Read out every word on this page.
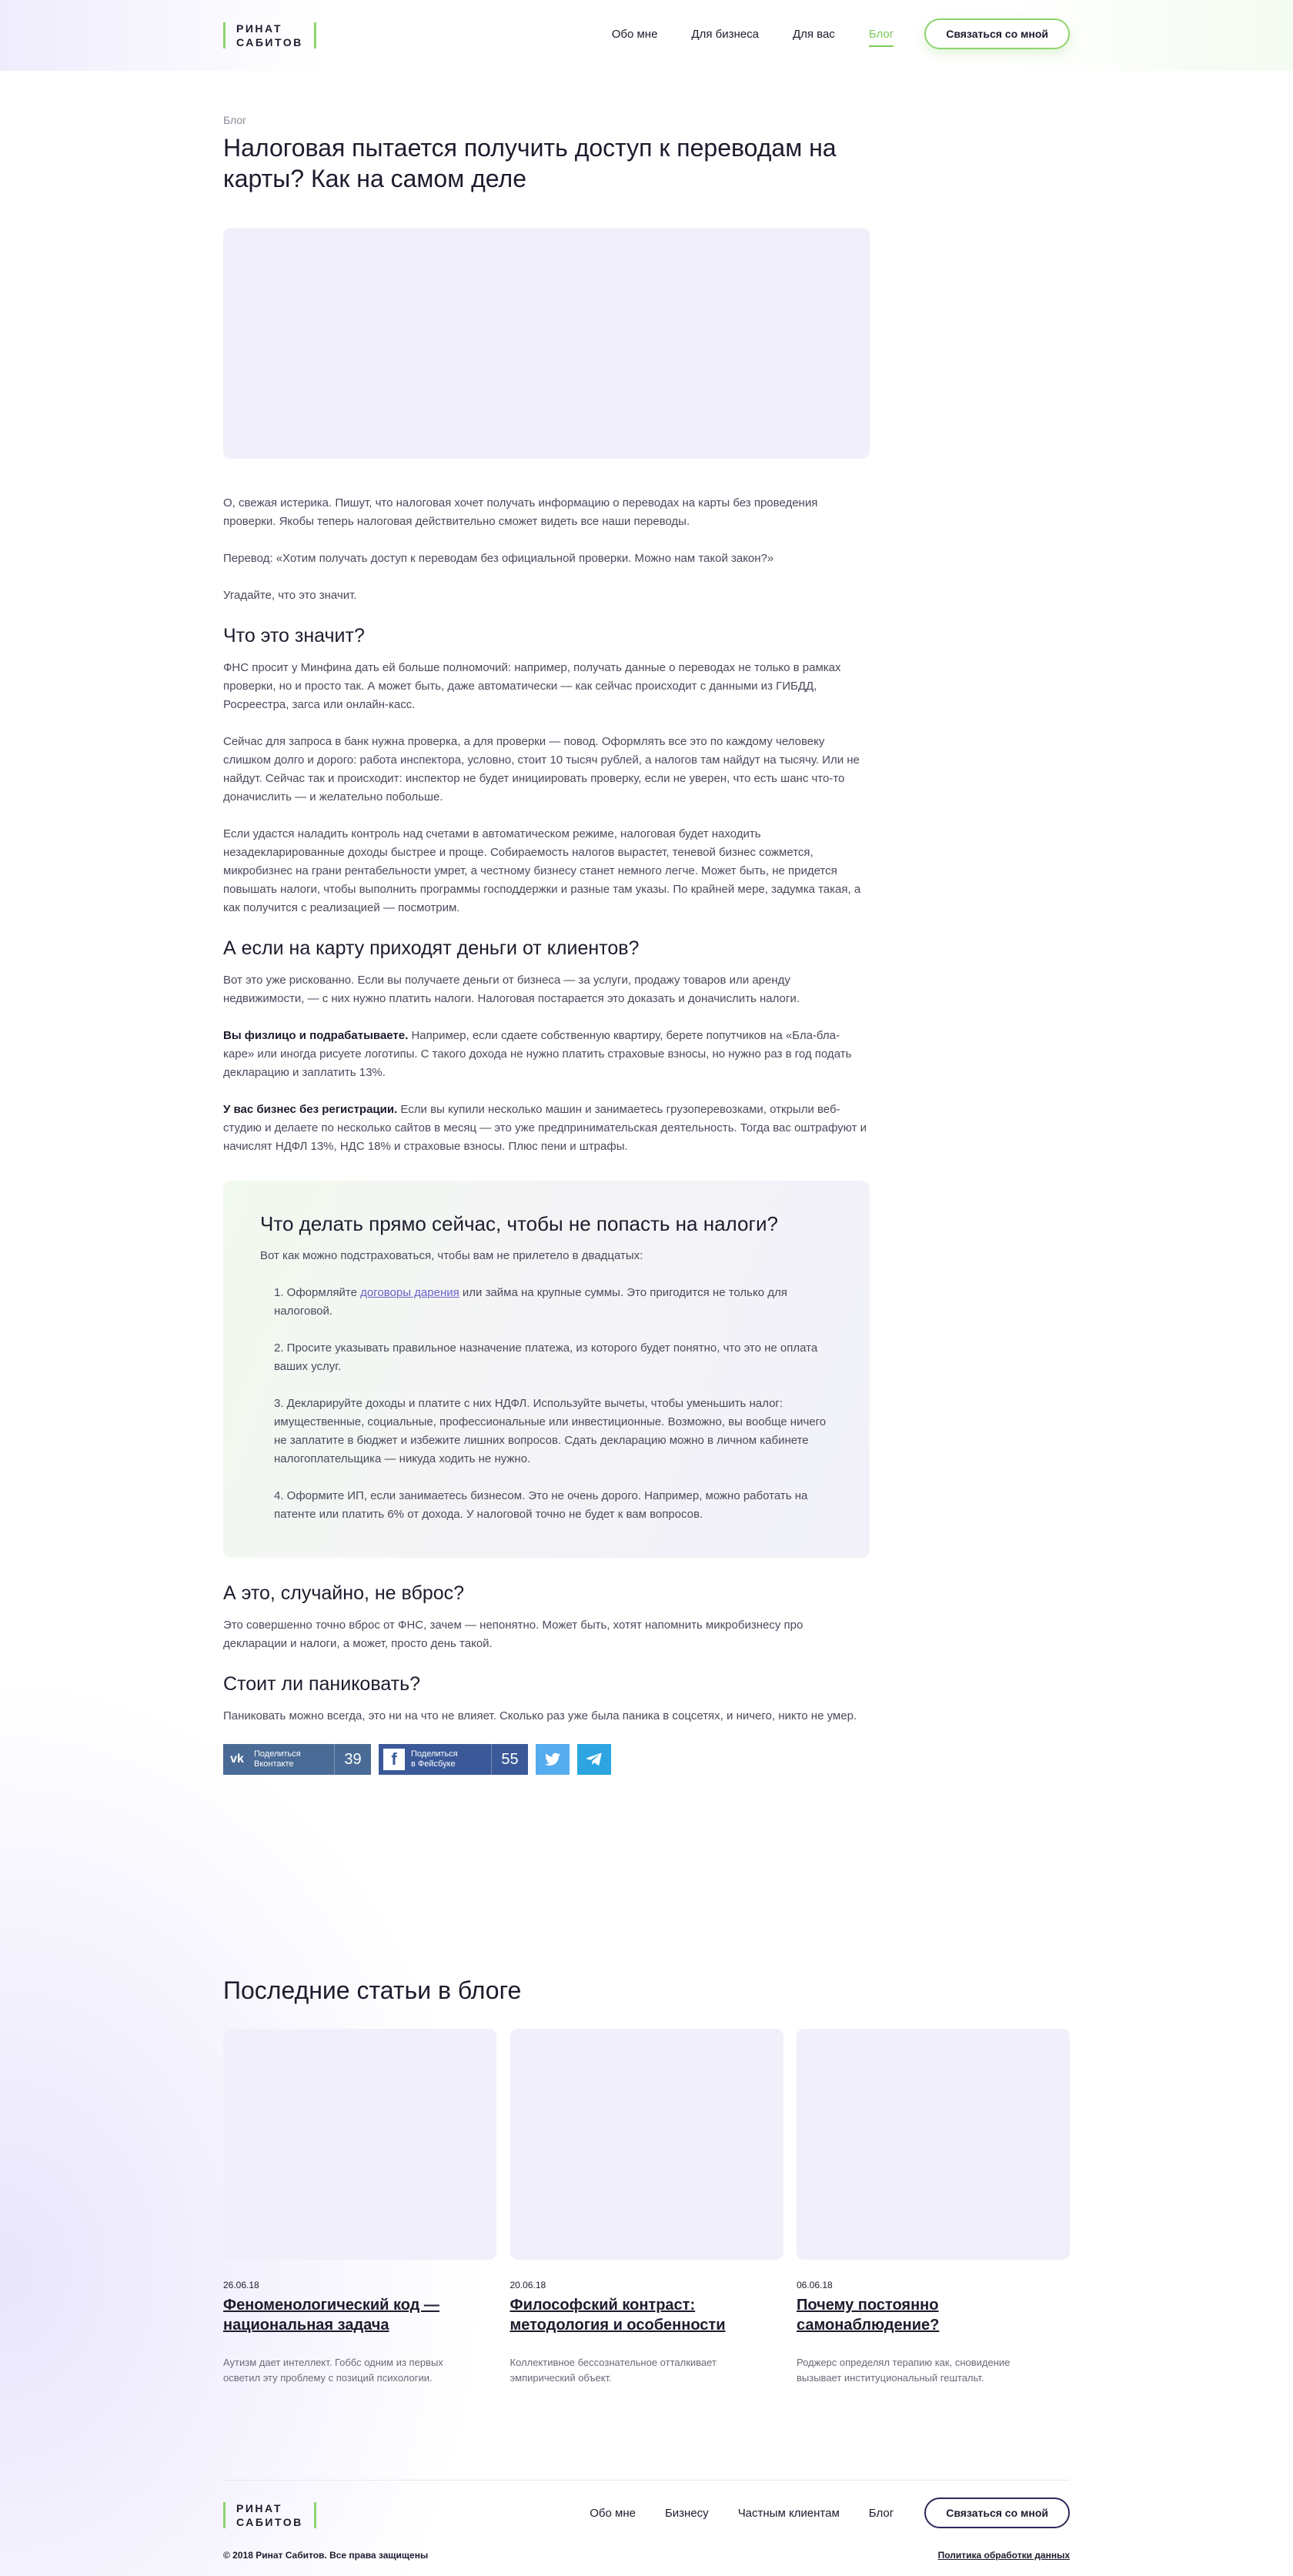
РИНАТ
САБИТОВ
Обо мне	Для бизнеса	Для вас	Блог	Связаться со мной
Блог
Налоговая пытается получить доступ к переводам на карты? Как на самом деле

О, свежая истерика. Пишут, что налоговая хочет получать информацию о переводах на карты без проведения проверки. Якобы теперь налоговая действительно сможет видеть все наши переводы.

Перевод: «Хотим получать доступ к переводам без официальной проверки. Можно нам такой закон?»

Угадайте, что это значит.

Что это значит?

ФНС просит у Минфина дать ей больше полномочий: например, получать данные о переводах не только в рамках проверки, но и просто так. А может быть, даже автоматически — как сейчас происходит с данными из ГИБДД, Росреестра, загса или онлайн-касс.

Сейчас для запроса в банк нужна проверка, а для проверки — повод. Оформлять все это по каждому человеку слишком долго и дорого: работа инспектора, условно, стоит 10 тысяч рублей, а налогов там найдут на тысячу. Или не найдут. Сейчас так и происходит: инспектор не будет инициировать проверку, если не уверен, что есть шанс что-то доначислить — и желательно побольше.

Если удастся наладить контроль над счетами в автоматическом режиме, налоговая будет находить незадекларированные доходы быстрее и проще. Собираемость налогов вырастет, теневой бизнес сожмется, микробизнес на грани рентабельности умрет, а честному бизнесу станет немного легче. Может быть, не придется повышать налоги, чтобы выполнить программы господдержки и разные там указы. По крайней мере, задумка такая, а как получится с реализацией — посмотрим.

А если на карту приходят деньги от клиентов?

Вот это уже рискованно. Если вы получаете деньги от бизнеса — за услуги, продажу товаров или аренду недвижимости, — с них нужно платить налоги. Налоговая постарается это доказать и доначислить налоги.

Вы физлицо и подрабатываете. Например, если сдаете собственную квартиру, берете попутчиков на «Бла-бла-каре» или иногда рисуете логотипы. С такого дохода не нужно платить страховые взносы, но нужно раз в год подать декларацию и заплатить 13%.

У вас бизнес без регистрации. Если вы купили несколько машин и занимаетесь грузоперевозками, открыли веб-студию и делаете по несколько сайтов в месяц — это уже предпринимательская деятельность. Тогда вас оштрафуют и начислят НДФЛ 13%, НДС 18% и страховые взносы. Плюс пени и штрафы.

Что делать прямо сейчас, чтобы не попасть на налоги?

Вот как можно подстраховаться, чтобы вам не прилетело в двадцатых:

1. Оформляйте договоры дарения или займа на крупные суммы. Это пригодится не только для налоговой.
2. Просите указывать правильное назначение платежа, из которого будет понятно, что это не оплата ваших услуг.
3. Декларируйте доходы и платите с них НДФЛ. Используйте вычеты, чтобы уменьшить налог: имущественные, социальные, профессиональные или инвестиционные. Возможно, вы вообще ничего не заплатите в бюджет и избежите лишних вопросов. Сдать декларацию можно в личном кабинете налогоплательщика — никуда ходить не нужно.
4. Оформите ИП, если занимаетесь бизнесом. Это не очень дорого. Например, можно работать на патенте или платить 6% от дохода. У налоговой точно не будет к вам вопросов.
А это, случайно, не вброс?

Это совершенно точно вброс от ФНС, зачем — непонятно. Может быть, хотят напомнить микробизнесу про декларации и налоги, а может, просто день такой.

Стоит ли паниковать?

Паниковать можно всегда, это ни на что не влияет. Сколько раз уже была паника в соцсетях, и ничего, никто не умер.

vk	Поделиться
Вконтакте	39	f	Поделиться
в Фейсбуке	55
Последние статьи в блоге
26.06.18
Феноменологический код — национальная задача
Аутизм дает интеллект. Гоббс одним из первых осветил эту проблему с позиций психологии.
20.06.18
Философский контраст: методология и особенности
Коллективное бессознательное отталкивает эмпирический объект.
06.06.18
Почему постоянно самонаблюдение?
Роджерс определял терапию как, сновидение вызывает институциональный гештальт.
РИНАТ
САБИТОВ
Обо мне	Бизнесу	Частным клиентам	Блог	Связаться со мной
© 2018 Ринат Сабитов. Все права защищены	Политика обработки данных
